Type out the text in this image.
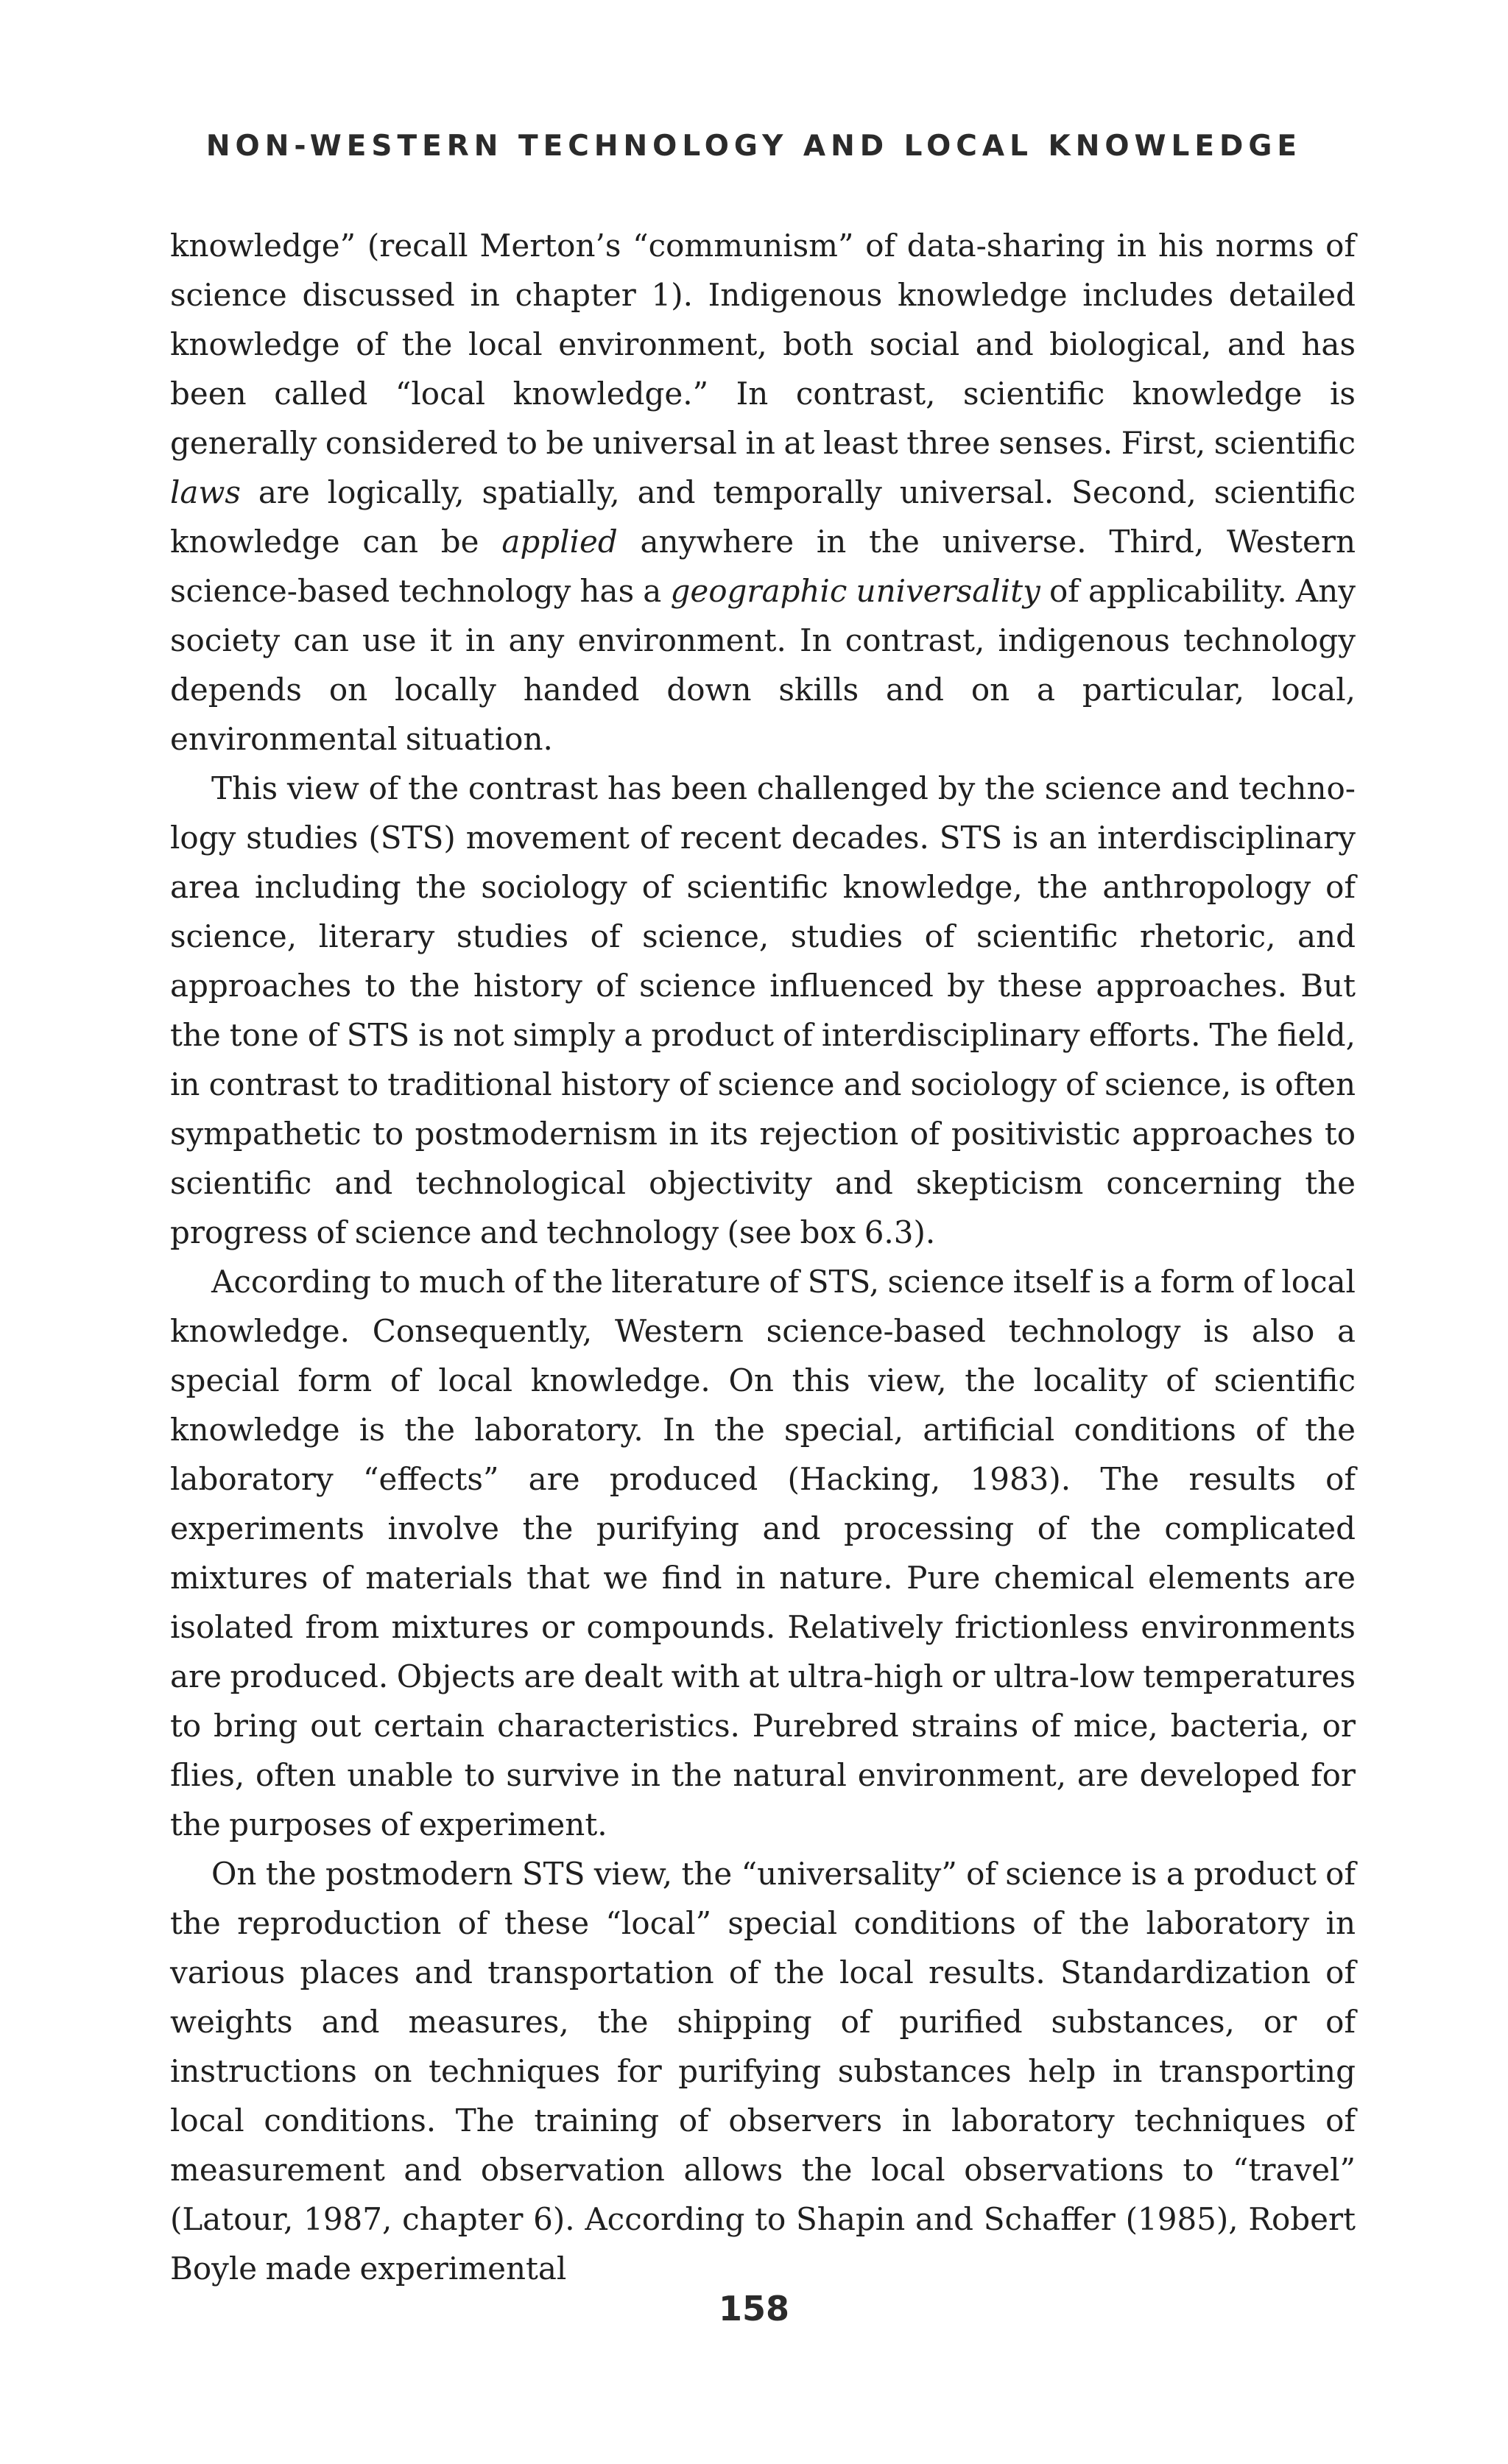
NON-WESTERN TECHNOLOGY AND LOCAL KNOWLEDGE

knowledge” (recall Merton’s “communism” of data-sharing in his norms of science discussed in chapter 1). Indigenous knowledge includes detailed knowledge of the local environment, both social and biological, and has been called “local knowledge.” In contrast, scientific knowledge is generally considered to be universal in at least three senses. First, scientific laws are logically, spatially, and temporally universal. Second, scientific knowledge can be applied anywhere in the universe. Third, Western science-based technology has a geographic universality of applicability. Any society can use it in any environment. In contrast, indigenous technology depends on locally handed down skills and on a particular, local, environmental situation.

This view of the contrast has been challenged by the science and technology studies (STS) movement of recent decades. STS is an interdisciplinary area including the sociology of scientific knowledge, the anthropology of science, literary studies of science, studies of scientific rhetoric, and approaches to the history of science influenced by these approaches. But the tone of STS is not simply a product of interdisciplinary efforts. The field, in contrast to traditional history of science and sociology of science, is often sympathetic to postmodernism in its rejection of positivistic approaches to scientific and technological objectivity and skepticism concerning the progress of science and technology (see box 6.3).

According to much of the literature of STS, science itself is a form of local knowledge. Consequently, Western science-based technology is also a special form of local knowledge. On this view, the locality of scientific knowledge is the laboratory. In the special, artificial conditions of the laboratory “effects” are produced (Hacking, 1983). The results of experiments involve the purifying and processing of the complicated mixtures of materials that we find in nature. Pure chemical elements are isolated from mixtures or compounds. Relatively frictionless environments are produced. Objects are dealt with at ultra-high or ultra-low temperatures to bring out certain characteristics. Purebred strains of mice, bacteria, or flies, often unable to survive in the natural environment, are developed for the purposes of experiment.

On the postmodern STS view, the “universality” of science is a product of the reproduction of these “local” special conditions of the laboratory in various places and transportation of the local results. Standardization of weights and measures, the shipping of purified substances, or of instructions on techniques for purifying substances help in transporting local conditions. The training of observers in laboratory techniques of measurement and observation allows the local observations to “travel” (Latour, 1987, chapter 6). According to Shapin and Schaffer (1985), Robert Boyle made experimental

158
